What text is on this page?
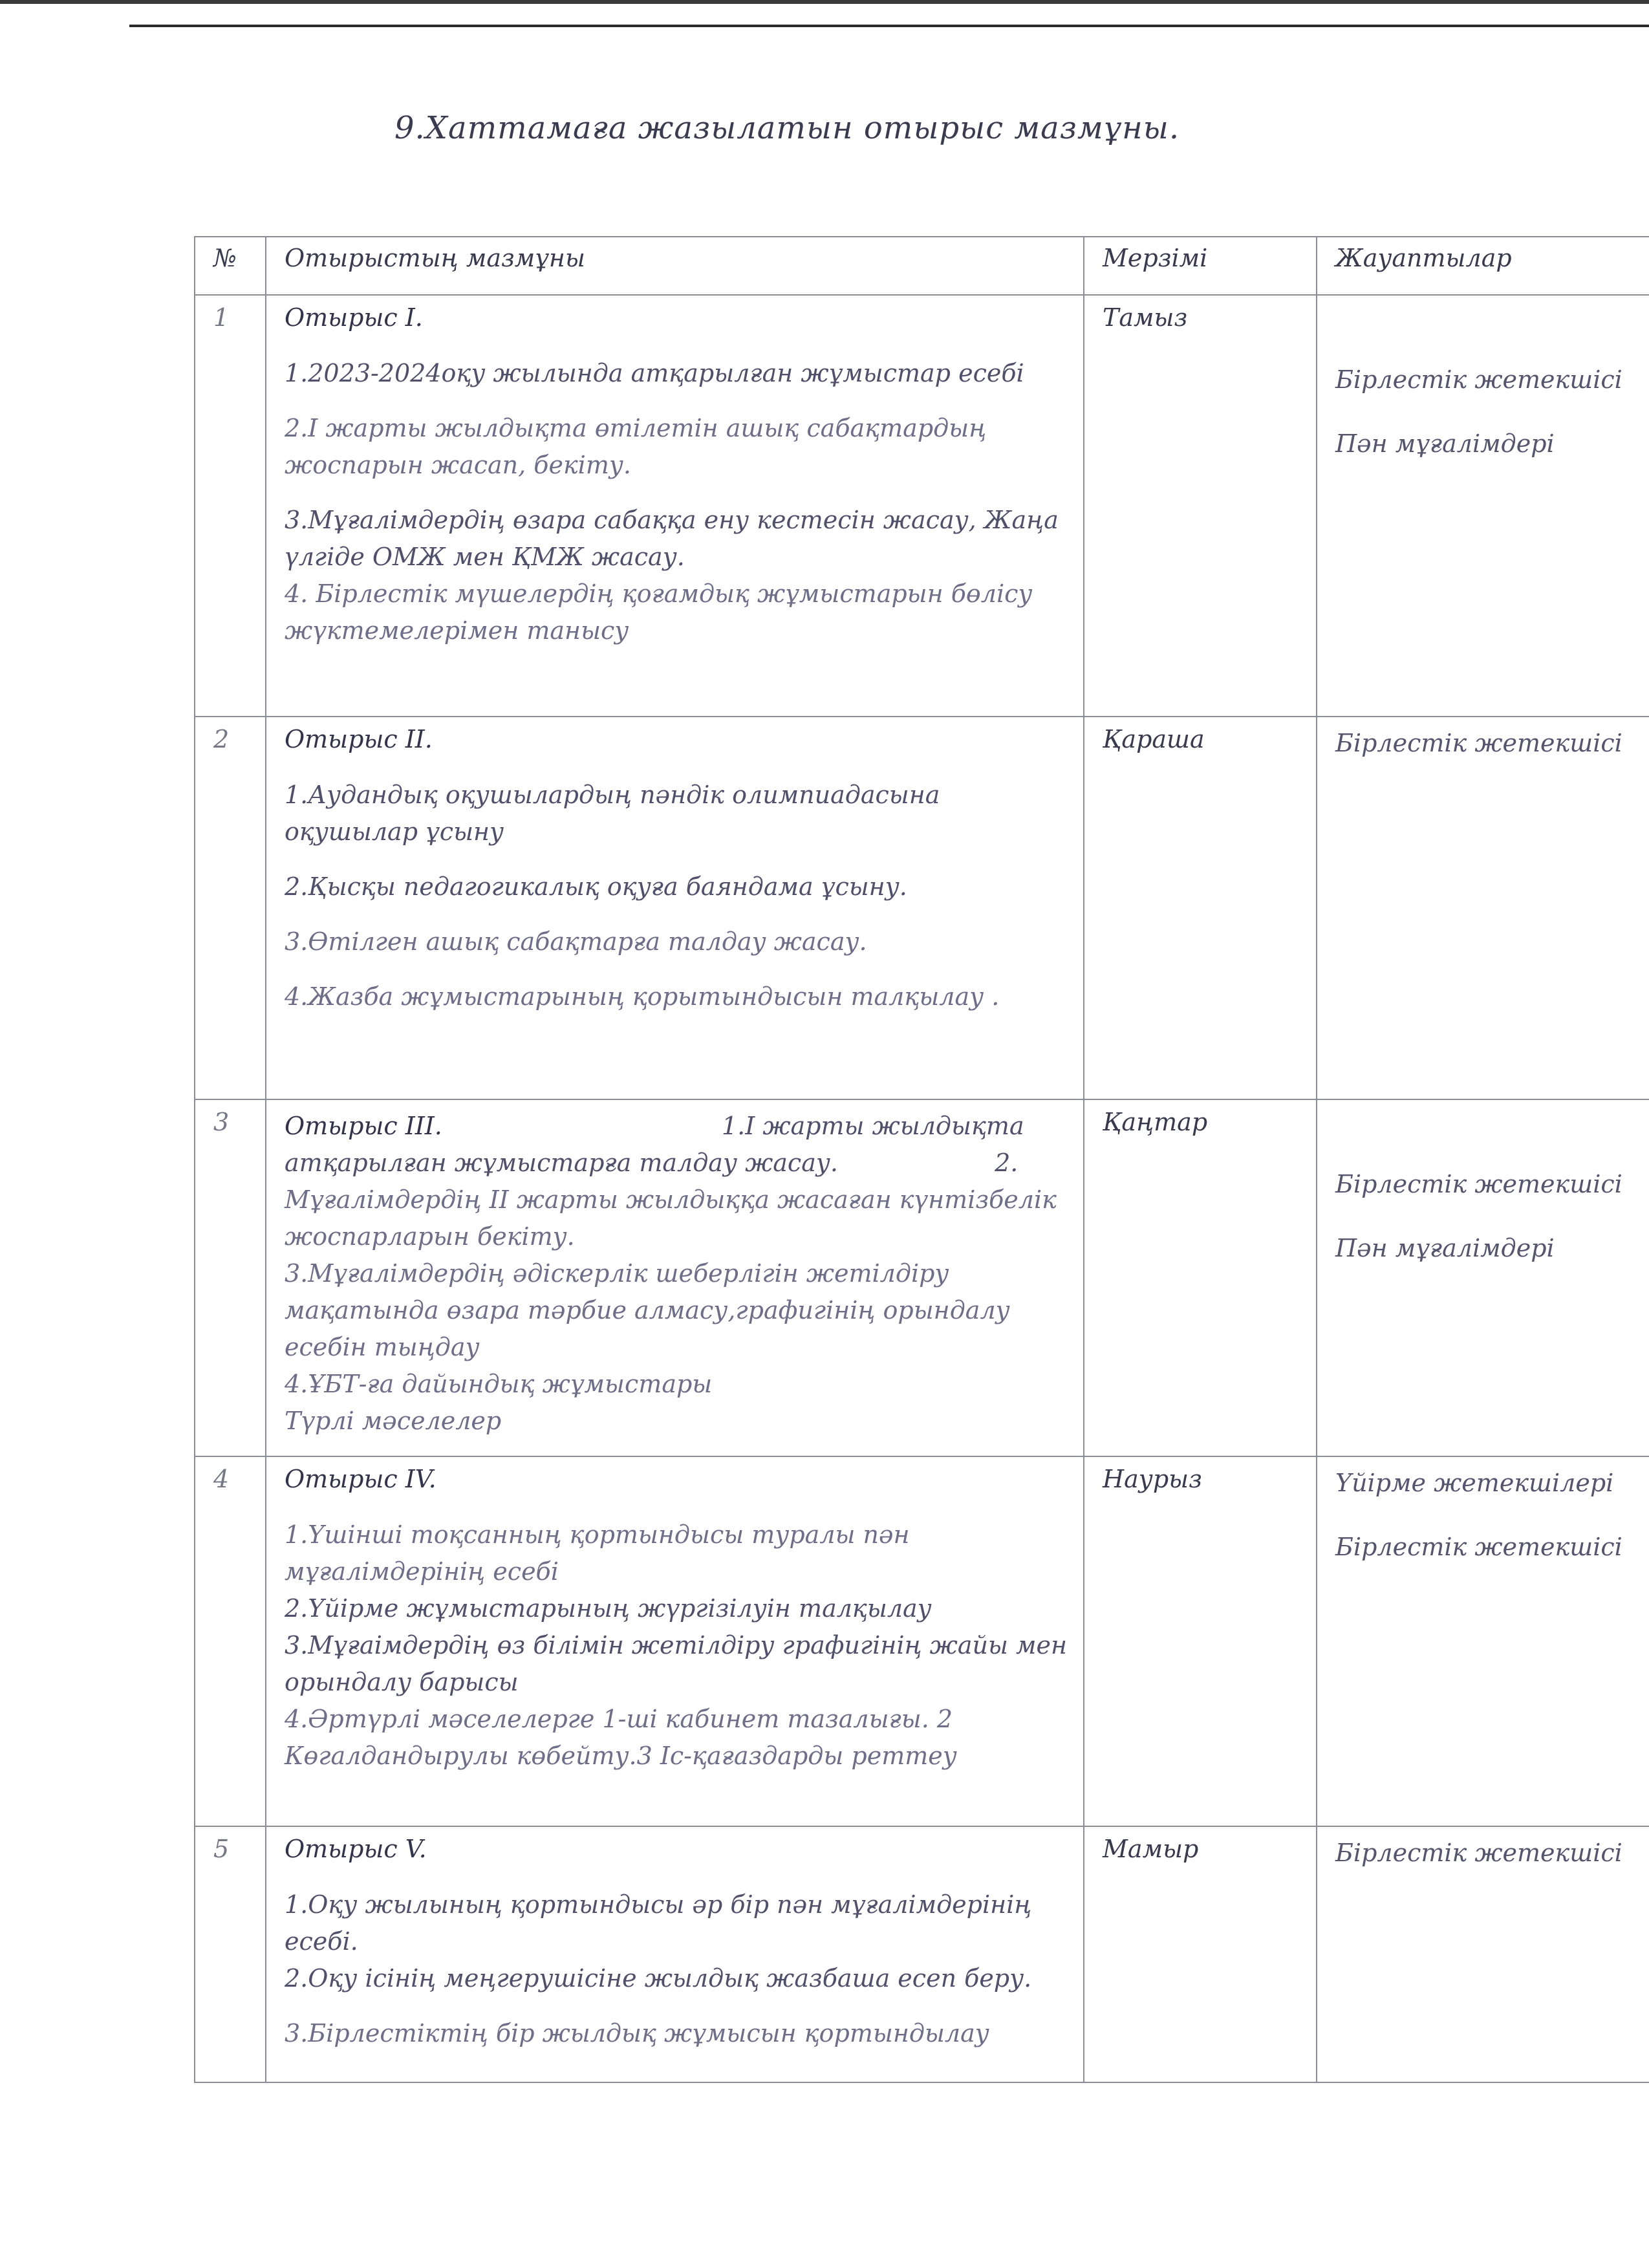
9.Хаттамаға жазылатын отырыс мазмұны.
№	Отырыстың мазмұны	Мерзімі	Жауаптылар
1	Отырыс I.
1.2023-2024оқу жылында атқарылған жұмыстар есебі
2.I жарты жылдықта өтілетін ашық сабақтардың жоспарын жасап, бекіту.
3.Мұғалімдердің өзара сабаққа ену кестесін жасау, Жаңа үлгіде ОМЖ мен ҚМЖ жасау.
4. Бірлестік мүшелердің қоғамдық жұмыстарын бөлісу жүктемелерімен танысу	Тамыз	Бірлестік жетекшісі
Пән мұғалімдері

2	Отырыс II.
1.Аудандық оқушылардың пәндік олимпиадасына оқушылар ұсыну
2.Қысқы педагогикалық оқуға баяндама ұсыну.
3.Өтілген ашық сабақтарға талдау жасау.
4.Жазба жұмыстарының қорытындысын талқылау .	Қараша	Бірлестік жетекшісі

3	Отырыс III. 1.I жарты жылдықта атқарылған жұмыстарға талдау жасау. 2.
Мұғалімдердің II жарты жылдыққа жасаған күнтізбелік жоспарларын бекіту.
3.Мұғалімдердің әдіскерлік шеберлігін жетілдіру мақатында өзара тәрбие алмасу,графигінің орындалу есебін тыңдау
4.ҰБТ-ға дайындық жұмыстары
Түрлі мәселелер	Қаңтар	Бірлестік жетекшісі
Пән мұғалімдері

4	Отырыс IV.
1.Үшінші тоқсанның қортындысы туралы пән мұғалімдерінің есебі
2.Үйірме жұмыстарының жүргізілуін талқылау
3.Мұғаімдердің өз білімін жетілдіру графигінің жайы мен орындалу барысы
4.Әртүрлі мәселелерге 1-ші кабинет тазалығы. 2 Көгалдандырулы көбейту.3 Іс-қағаздарды реттеу	Наурыз	Үйірме жетекшілері
Бірлестік жетекшісі

5	Отырыс V.
1.Оқу жылының қортындысы әр бір пән мұғалімдерінің есебі.
2.Оқу ісінің меңгерушісіне жылдық жазбаша есеп беру.
3.Бірлестіктің бір жылдық жұмысын қортындылау	Мамыр	Бірлестік жетекшісі
